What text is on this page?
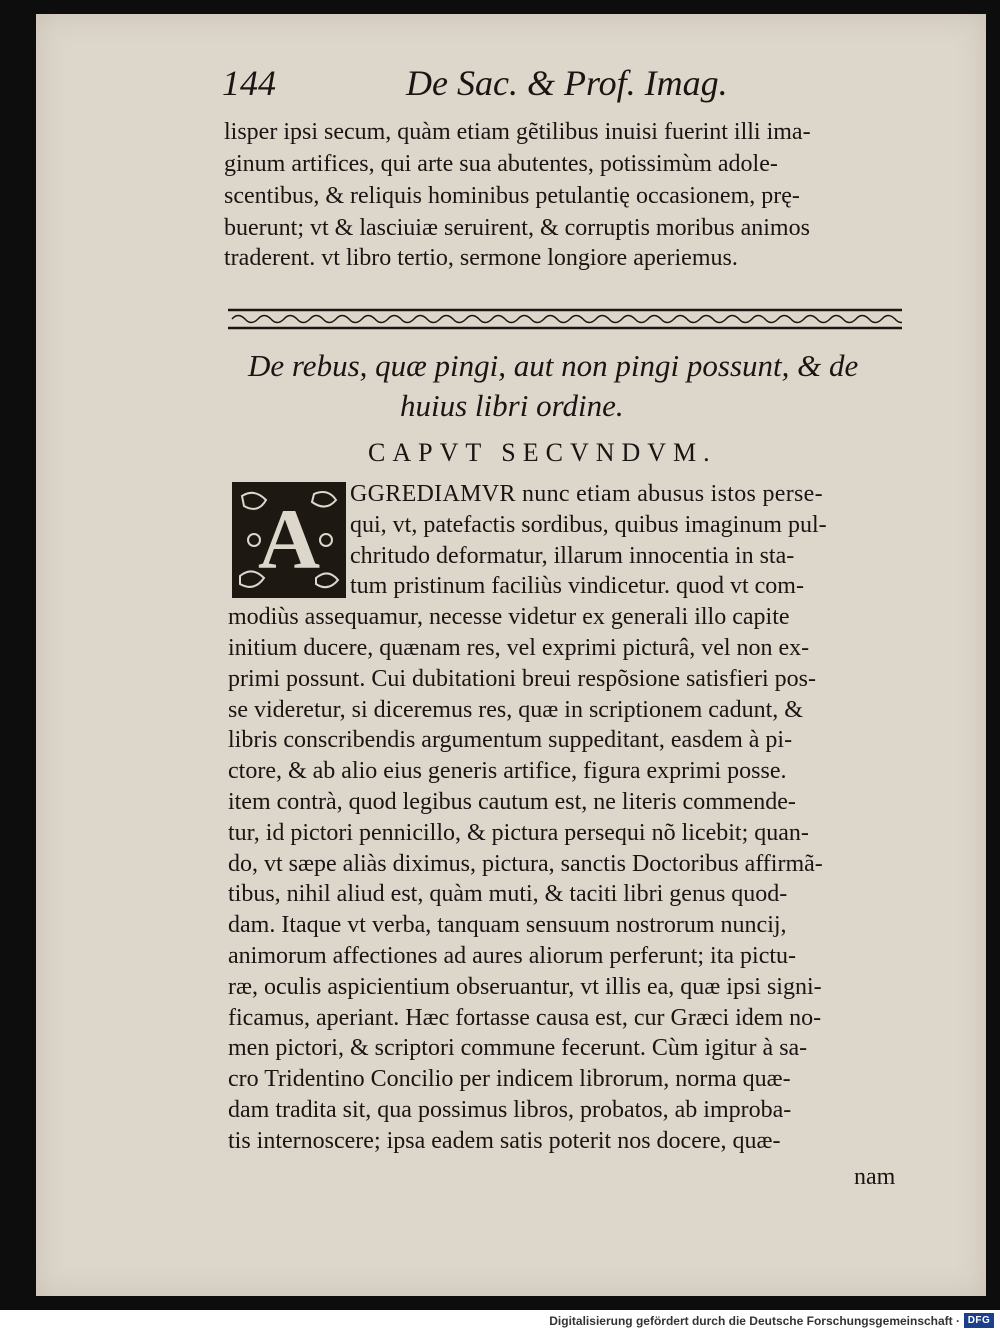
144	De Sac. & Prof. Imag.
lisper ipsi secum, quàm etiam gẽtilibus inuisi fuerint illi ima-
ginum artifices, qui arte sua abutentes, potissimùm adole-
scentibus, & reliquis hominibus petulantię occasionem, prę-
buerunt; vt & lasciuiæ seruirent, & corruptis moribus animos
traderent. vt libro tertio, sermone longiore aperiemus.
De rebus, quæ pingi, aut non pingi possunt, & de
huius libri ordine.
CAPVT SECVNDVM.
A	GGREDIAMVR nunc etiam abusus istos perse-
qui, vt, patefactis sordibus, quibus imaginum pul-
chritudo deformatur, illarum innocentia in sta-
tum pristinum faciliùs vindicetur. quod vt com-
modiùs assequamur, necesse videtur ex generali illo capite
initium ducere, quænam res, vel exprimi picturâ, vel non ex-
primi possunt. Cui dubitationi breui respõsione satisfieri pos-
se videretur, si diceremus res, quæ in scriptionem cadunt, &
libris conscribendis argumentum suppeditant, easdem à pi-
ctore, & ab alio eius generis artifice, figura exprimi posse.
item contrà, quod legibus cautum est, ne literis commende-
tur, id pictori pennicillo, & pictura persequi nõ licebit; quan-
do, vt sæpe aliàs diximus, pictura, sanctis Doctoribus affirmã-
tibus, nihil aliud est, quàm muti, & taciti libri genus quod-
dam. Itaque vt verba, tanquam sensuum nostrorum nuncij,
animorum affectiones ad aures aliorum perferunt; ita pictu-
ræ, oculis aspicientium obseruantur, vt illis ea, quæ ipsi signi-
ficamus, aperiant. Hæc fortasse causa est, cur Græci idem no-
men pictori, & scriptori commune fecerunt. Cùm igitur à sa-
cro Tridentino Concilio per indicem librorum, norma quæ-
dam tradita sit, qua possimus libros, probatos, ab improba-
tis internoscere; ipsa eadem satis poterit nos docere, quæ-
nam
Digitalisierung gefördert durch die Deutsche Forschungsgemeinschaft · DFG
